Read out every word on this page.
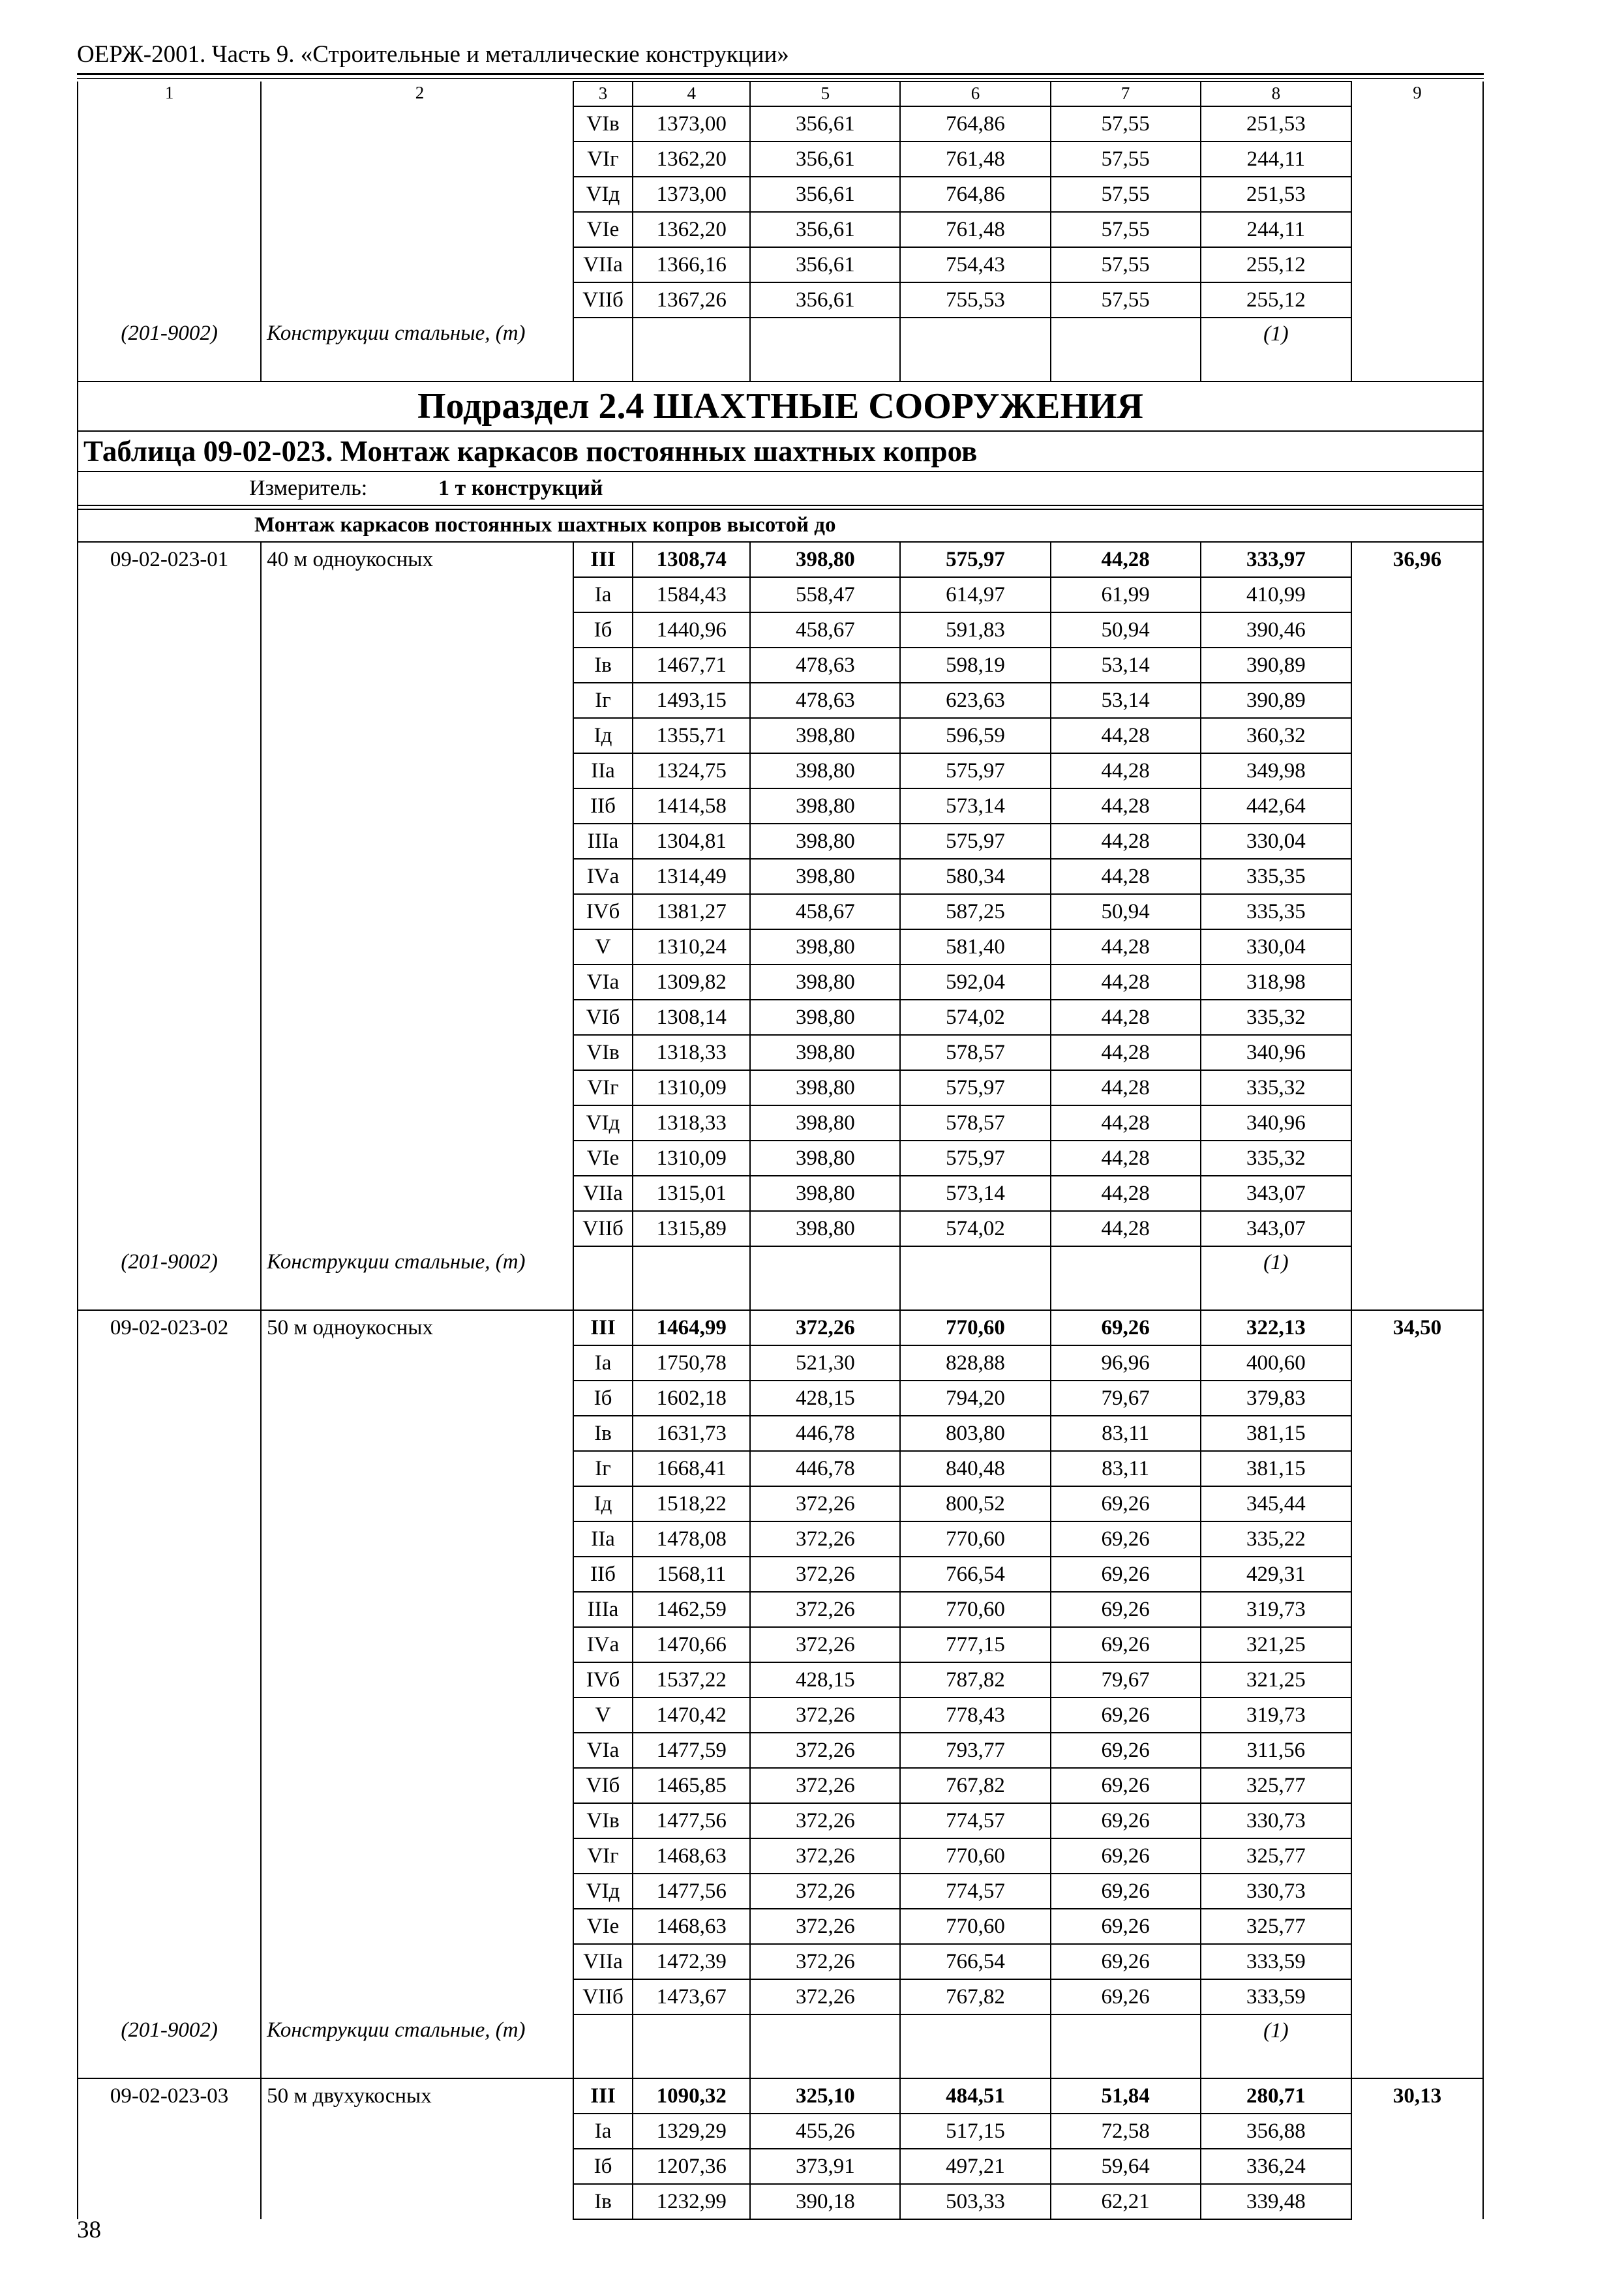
ОЕРЖ-2001. Часть 9. «Строительные и металлические конструкции»
1	2	3	4	5	6	7	8	9
		VIв	1373,00	356,61	764,86	57,55	251,53	
		VIг	1362,20	356,61	761,48	57,55	244,11	
		VIд	1373,00	356,61	764,86	57,55	251,53	
		VIе	1362,20	356,61	761,48	57,55	244,11	
		VIIа	1366,16	356,61	754,43	57,55	255,12	
		VIIб	1367,26	356,61	755,53	57,55	255,12	
(201-9002)	Конструкции стальные, (т)						(1)	
Подраздел 2.4 ШАХТНЫЕ СООРУЖЕНИЯ								
Таблица 09-02-023. Монтаж каркасов постоянных шахтных копров								
Измеритель: 1 т конструкций								

Монтаж каркасов постоянных шахтных копров высотой до								
09-02-023-01	40 м одноукосных	III	1308,74	398,80	575,97	44,28	333,97	36,96
		Iа	1584,43	558,47	614,97	61,99	410,99	
		Iб	1440,96	458,67	591,83	50,94	390,46	
		Iв	1467,71	478,63	598,19	53,14	390,89	
		Iг	1493,15	478,63	623,63	53,14	390,89	
		Iд	1355,71	398,80	596,59	44,28	360,32	
		IIа	1324,75	398,80	575,97	44,28	349,98	
		IIб	1414,58	398,80	573,14	44,28	442,64	
		IIIа	1304,81	398,80	575,97	44,28	330,04	
		IVа	1314,49	398,80	580,34	44,28	335,35	
		IVб	1381,27	458,67	587,25	50,94	335,35	
		V	1310,24	398,80	581,40	44,28	330,04	
		VIа	1309,82	398,80	592,04	44,28	318,98	
		VIб	1308,14	398,80	574,02	44,28	335,32	
		VIв	1318,33	398,80	578,57	44,28	340,96	
		VIг	1310,09	398,80	575,97	44,28	335,32	
		VIд	1318,33	398,80	578,57	44,28	340,96	
		VIе	1310,09	398,80	575,97	44,28	335,32	
		VIIа	1315,01	398,80	573,14	44,28	343,07	
		VIIб	1315,89	398,80	574,02	44,28	343,07	
(201-9002)	Конструкции стальные, (т)						(1)	
09-02-023-02	50 м одноукосных	III	1464,99	372,26	770,60	69,26	322,13	34,50
		Iа	1750,78	521,30	828,88	96,96	400,60	
		Iб	1602,18	428,15	794,20	79,67	379,83	
		Iв	1631,73	446,78	803,80	83,11	381,15	
		Iг	1668,41	446,78	840,48	83,11	381,15	
		Iд	1518,22	372,26	800,52	69,26	345,44	
		IIа	1478,08	372,26	770,60	69,26	335,22	
		IIб	1568,11	372,26	766,54	69,26	429,31	
		IIIа	1462,59	372,26	770,60	69,26	319,73	
		IVа	1470,66	372,26	777,15	69,26	321,25	
		IVб	1537,22	428,15	787,82	79,67	321,25	
		V	1470,42	372,26	778,43	69,26	319,73	
		VIа	1477,59	372,26	793,77	69,26	311,56	
		VIб	1465,85	372,26	767,82	69,26	325,77	
		VIв	1477,56	372,26	774,57	69,26	330,73	
		VIг	1468,63	372,26	770,60	69,26	325,77	
		VIд	1477,56	372,26	774,57	69,26	330,73	
		VIе	1468,63	372,26	770,60	69,26	325,77	
		VIIа	1472,39	372,26	766,54	69,26	333,59	
		VIIб	1473,67	372,26	767,82	69,26	333,59	
(201-9002)	Конструкции стальные, (т)						(1)	
09-02-023-03	50 м двухукосных	III	1090,32	325,10	484,51	51,84	280,71	30,13
		Iа	1329,29	455,26	517,15	72,58	356,88	
		Iб	1207,36	373,91	497,21	59,64	336,24	
		Iв	1232,99	390,18	503,33	62,21	339,48	
38
